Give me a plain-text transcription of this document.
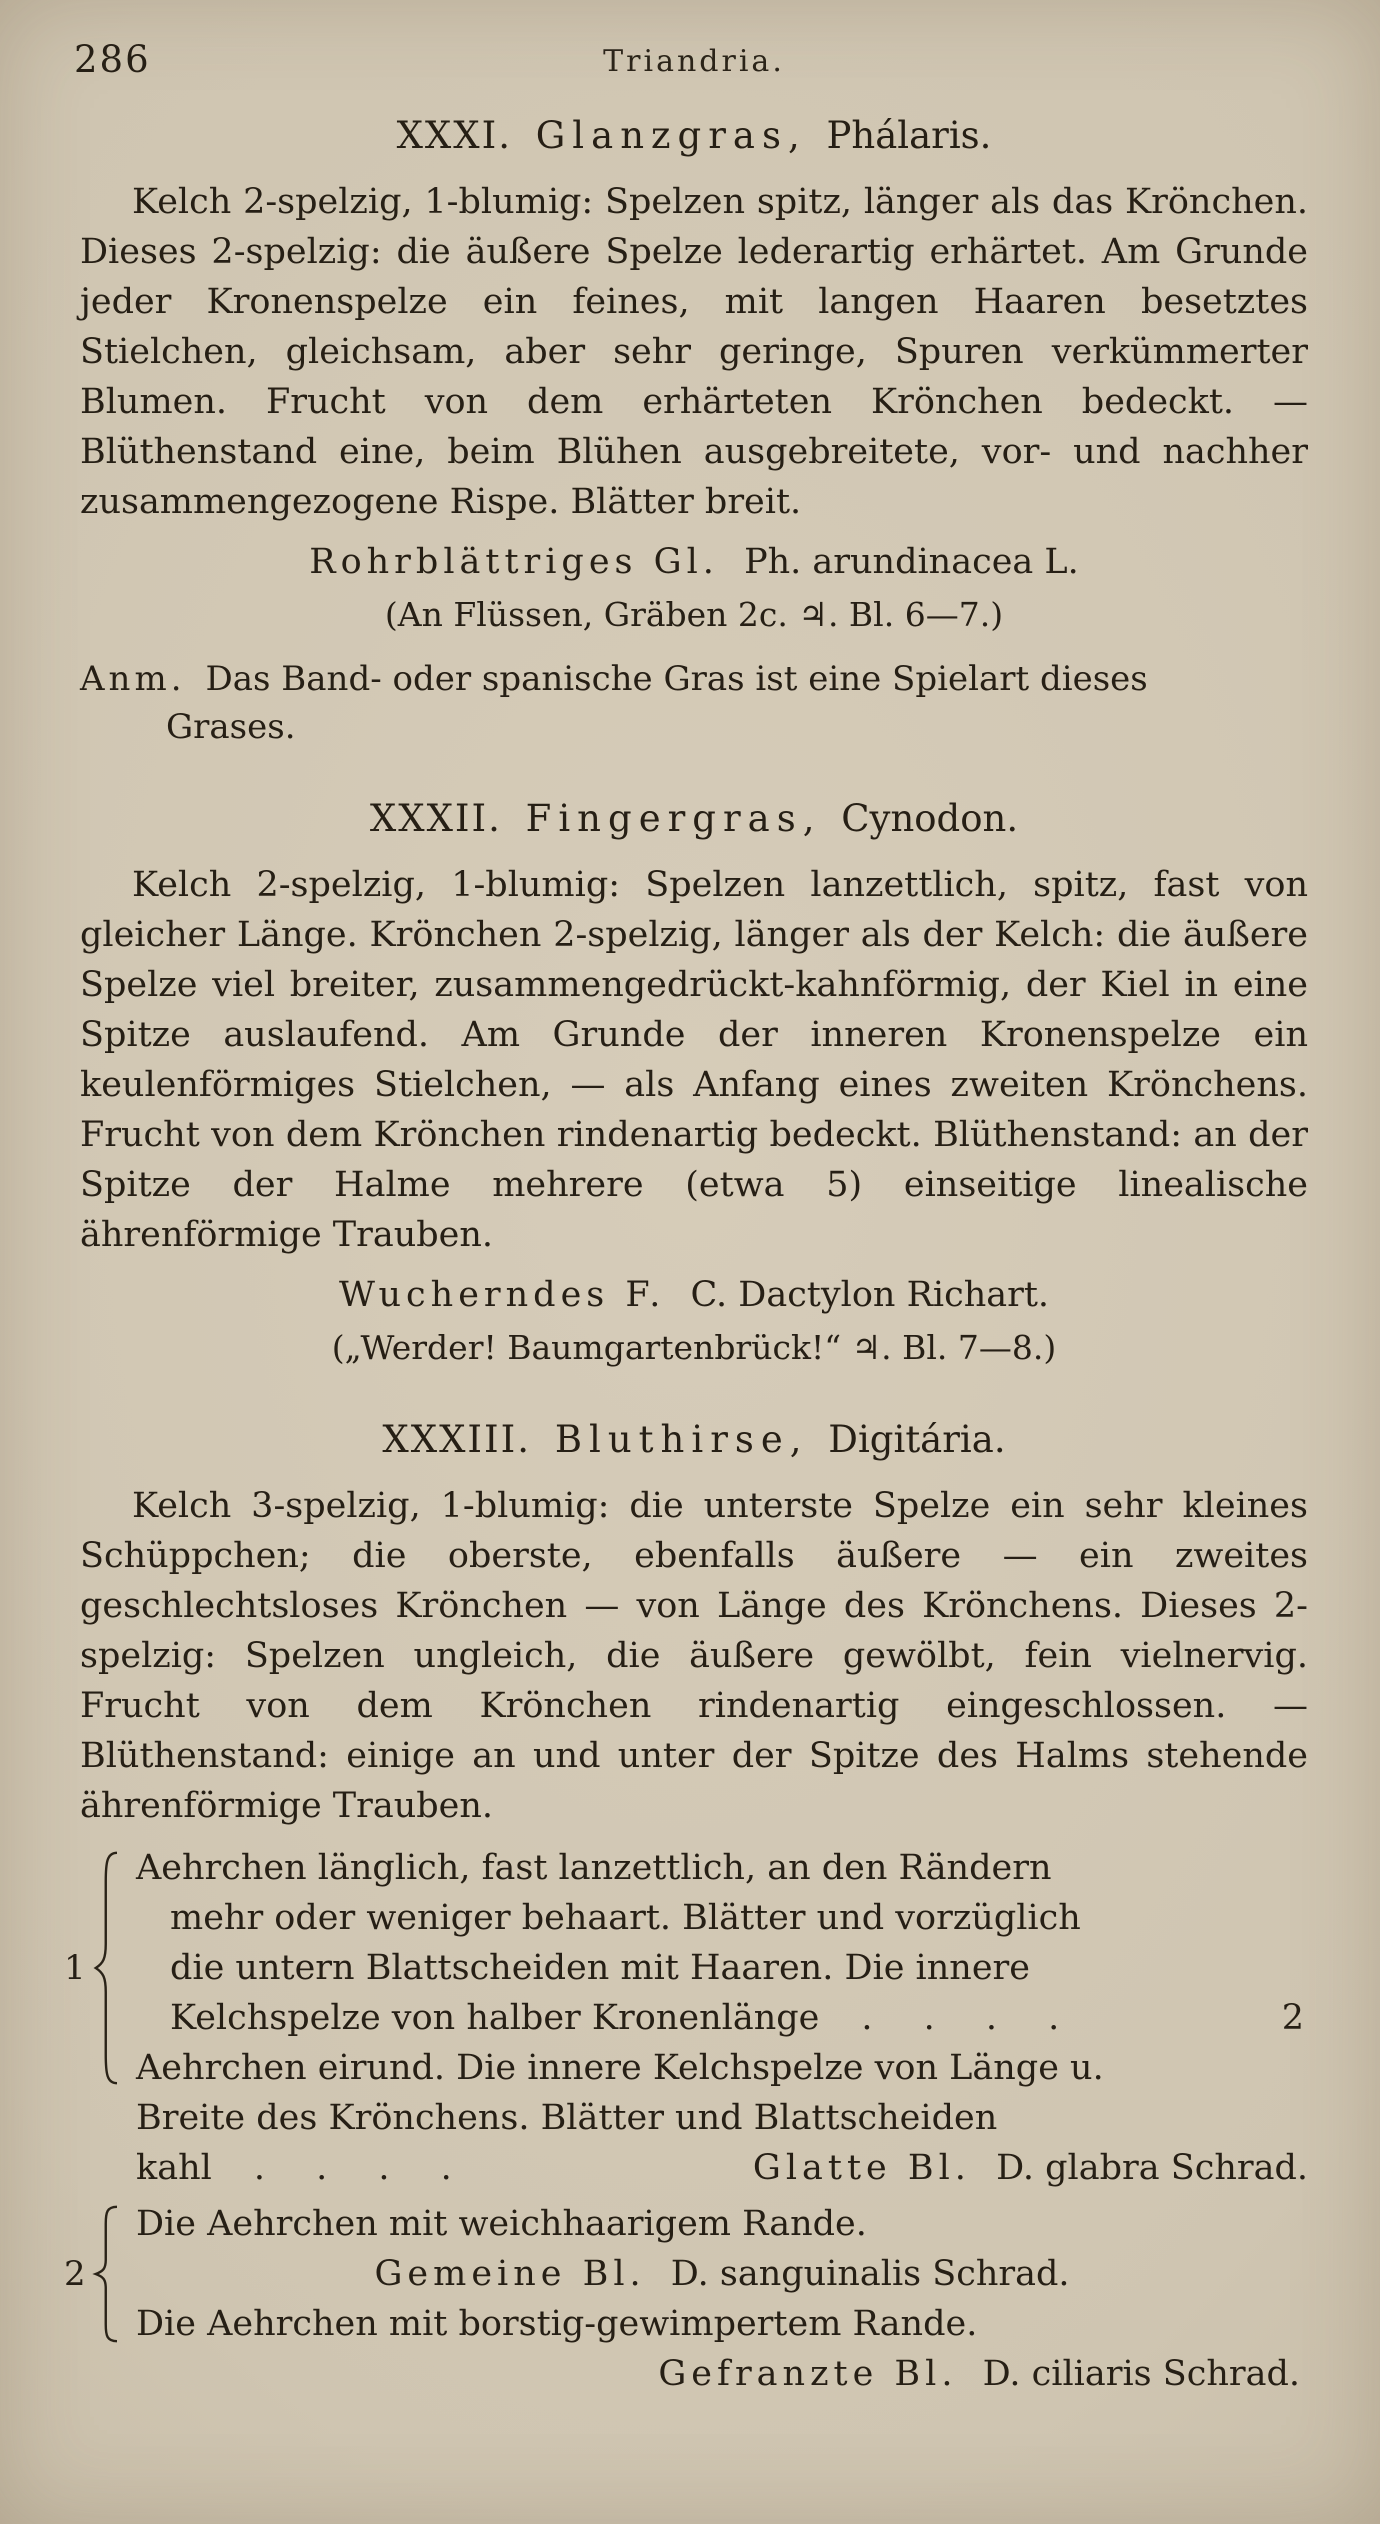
286	Triandria.
XXXI. Glanzgras, Phálaris.

Kelch 2-spelzig, 1-blumig: Spelzen spitz, länger als das Krönchen. Dieses 2-spelzig: die äußere Spelze lederartig erhärtet. Am Grunde jeder Kronenspelze ein feines, mit langen Haaren besetztes Stielchen, gleichsam, aber sehr geringe, Spuren verkümmerter Blumen. Frucht von dem erhärteten Krönchen bedeckt. — Blüthenstand eine, beim Blühen ausgebreitete, vor- und nachher zusammengezogene Rispe. Blätter breit.

Rohrblättriges Gl. Ph. arundinacea L.

(An Flüssen, Gräben 2c. ♃. Bl. 6—7.)

Anm. Das Band- oder spanische Gras ist eine Spielart dieses Grases.

XXXII. Fingergras, Cynodon.

Kelch 2-spelzig, 1-blumig: Spelzen lanzettlich, spitz, fast von gleicher Länge. Krönchen 2-spelzig, länger als der Kelch: die äußere Spelze viel breiter, zusammengedrückt-kahnförmig, der Kiel in eine Spitze auslaufend. Am Grunde der inneren Kronenspelze ein keulenförmiges Stielchen, — als Anfang eines zweiten Krönchens. Frucht von dem Krönchen rindenartig bedeckt. Blüthenstand: an der Spitze der Halme mehrere (etwa 5) einseitige linealische ährenförmige Trauben.

Wucherndes F. C. Dactylon Richart.

(„Werder! Baumgartenbrück!“ ♃. Bl. 7—8.)

XXXIII. Bluthirse, Digitária.

Kelch 3-spelzig, 1-blumig: die unterste Spelze ein sehr kleines Schüppchen; die oberste, ebenfalls äußere — ein zweites geschlechtsloses Krönchen — von Länge des Krönchens. Dieses 2-spelzig: Spelzen ungleich, die äußere gewölbt, fein vielnervig. Frucht von dem Krönchen rindenartig eingeschlossen. — Blüthenstand: einige an und unter der Spitze des Halms stehende ährenförmige Trauben.

1
Aehrchen länglich, fast lanzettlich, an den Rändern
mehr oder weniger behaart. Blätter und vorzüglich
die untern Blattscheiden mit Haaren. Die innere
Kelchspelze von halber Kronenlänge . . . .	2
Aehrchen eirund. Die innere Kelchspelze von Länge u.
Breite des Krönchens. Blätter und Blattscheiden
kahl . . . .	Glatte Bl. D. glabra Schrad.
2
Die Aehrchen mit weichhaarigem Rande.
Gemeine Bl. D. sanguinalis Schrad.
Die Aehrchen mit borstig-gewimpertem Rande.
Gefranzte Bl. D. ciliaris Schrad.
